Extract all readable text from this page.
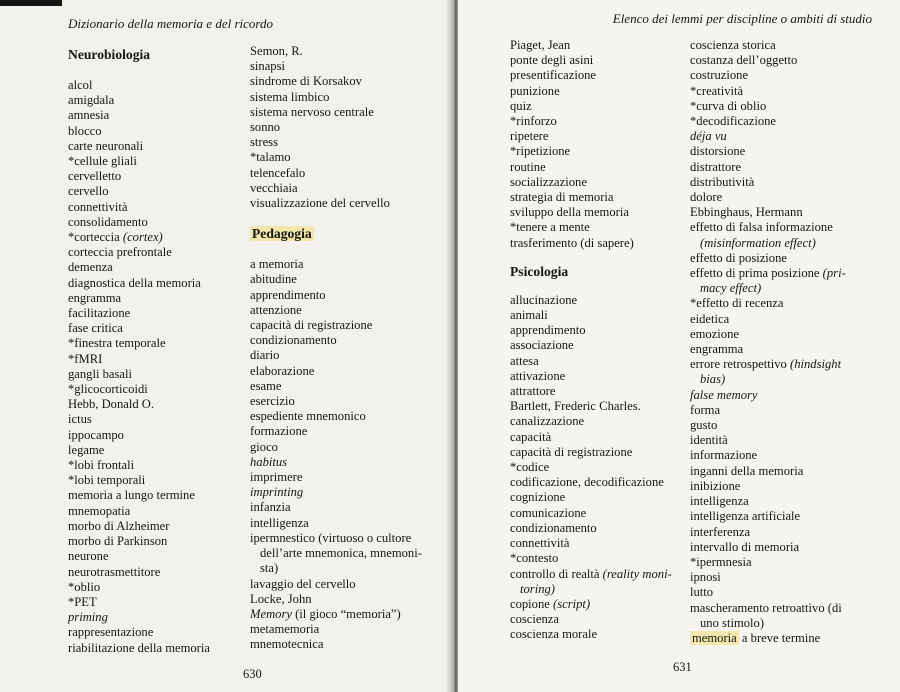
Dizionario della memoria e del ricordo
Neurobiologia
alcol
amigdala
amnesia
blocco
carte neuronali
*cellule gliali
cervelletto
cervello
connettività
consolidamento
*corteccia (cortex)
corteccia prefrontale
demenza
diagnostica della memoria
engramma
facilitazione
fase critica
*finestra temporale
*fMRI
gangli basali
*glicocorticoidi
Hebb, Donald O.
ictus
ippocampo
legame
*lobi frontali
*lobi temporali
memoria a lungo termine
mnemopatia
morbo di Alzheimer
morbo di Parkinson
neurone
neurotrasmettitore
*oblio
*PET
priming
rappresentazione
riabilitazione della memoria
Semon, R.
sinapsi
sindrome di Korsakov
sistema limbico
sistema nervoso centrale
sonno
stress
*talamo
telencefalo
vecchiaia
visualizzazione del cervello
Pedagogia
a memoria
abitudine
apprendimento
attenzione
capacità di registrazione
condizionamento
diario
elaborazione
esame
esercizio
espediente mnemonico
formazione
gioco
habitus
imprimere
imprinting
infanzia
intelligenza
ipermnestico (virtuoso o cultore
dell’arte mnemonica, mnemoni-
sta)
lavaggio del cervello
Locke, John
Memory (il gioco “memoria”)
metamemoria
mnemotecnica
630
Elenco dei lemmi per discipline o ambiti di studio
Piaget, Jean
ponte degli asini
presentificazione
punizione
quiz
*rinforzo
ripetere
*ripetizione
routine
socializzazione
strategia di memoria
sviluppo della memoria
*tenere a mente
trasferimento (di sapere)
Psicologia
allucinazione
animali
apprendimento
associazione
attesa
attivazione
attrattore
Bartlett, Frederic Charles.
canalizzazione
capacità
capacità di registrazione
*codice
codificazione, decodificazione
cognizione
comunicazione
condizionamento
connettività
*contesto
controllo di realtà (reality moni-
toring)
copione (script)
coscienza
coscienza morale
coscienza storica
costanza dell’oggetto
costruzione
*creatività
*curva di oblio
*decodificazione
déja vu
distorsione
distrattore
distributività
dolore
Ebbinghaus, Hermann
effetto di falsa informazione
(misinformation effect)
effetto di posizione
effetto di prima posizione (pri-
macy effect)
*effetto di recenza
eidetica
emozione
engramma
errore retrospettivo (hindsight
bias)
false memory
forma
gusto
identità
informazione
inganni della memoria
inibizione
intelligenza
intelligenza artificiale
interferenza
intervallo di memoria
*ipermnesia
ipnosi
lutto
mascheramento retroattivo (di
uno stimolo)
memoria a breve termine
631
